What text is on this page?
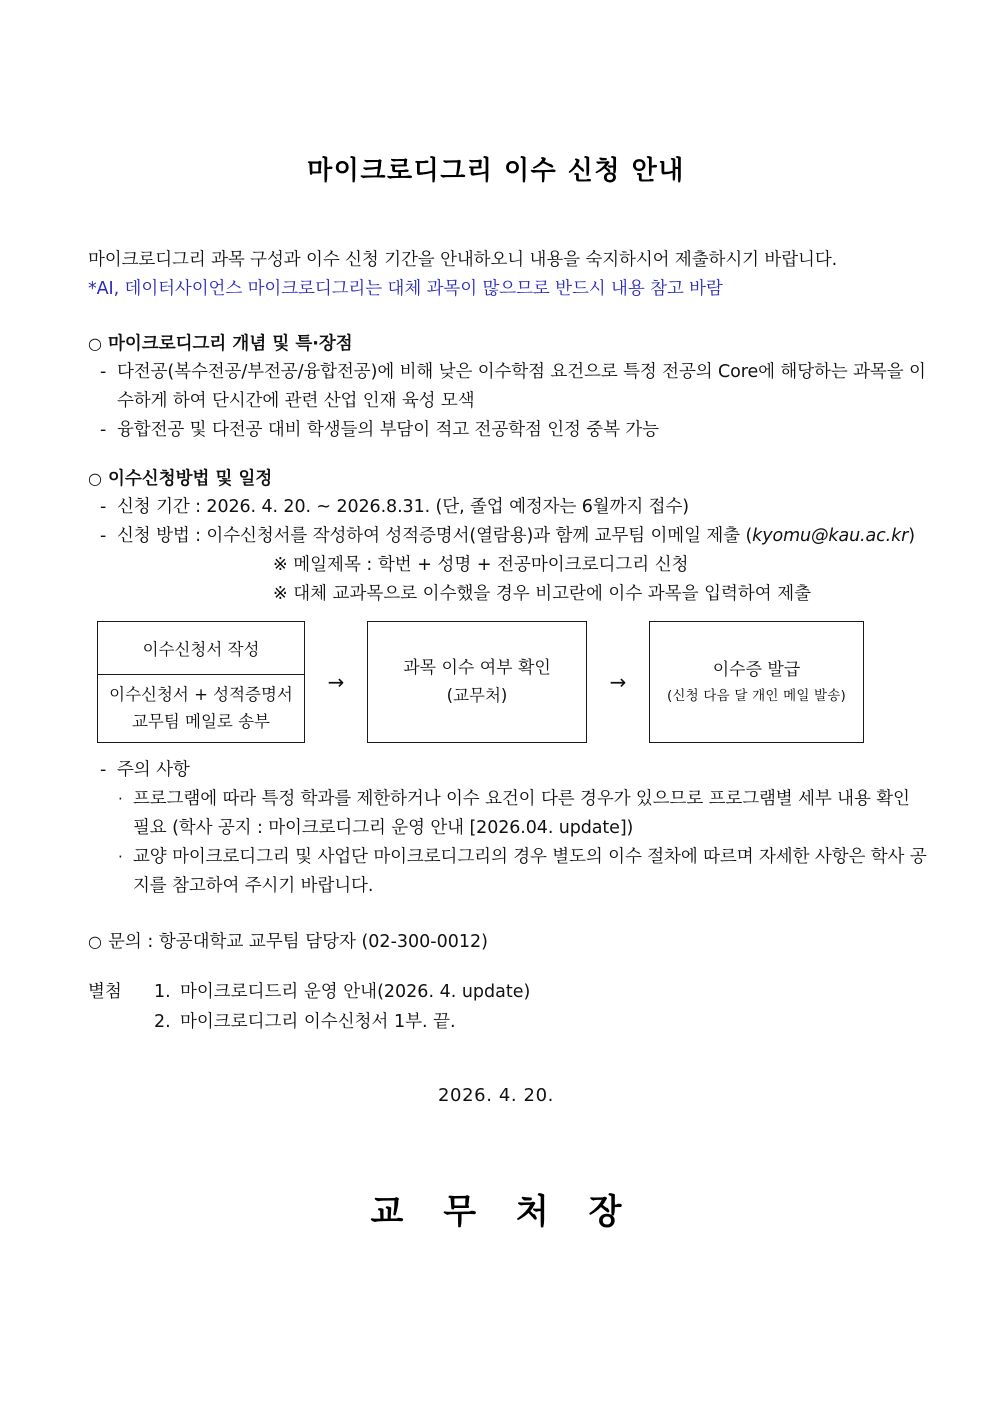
마이크로디그리 이수 신청 안내
마이크로디그리 과목 구성과 이수 신청 기간을 안내하오니 내용을 숙지하시어 제출하시기 바랍니다.
*AI, 데이터사이언스 마이크로디그리는 대체 과목이 많으므로 반드시 내용 참고 바람
○ 마이크로디그리 개념 및 특·장점
- 다전공(복수전공/부전공/융합전공)에 비해 낮은 이수학점 요건으로 특정 전공의 Core에 해당하는 과목을 이수하게 하여 단시간에 관련 산업 인재 육성 모색
- 융합전공 및 다전공 대비 학생들의 부담이 적고 전공학점 인정 중복 가능
○ 이수신청방법 및 일정
- 신청 기간 : 2026. 4. 20. ~ 2026.8.31. (단, 졸업 예정자는 6월까지 접수)
- 신청 방법 : 이수신청서를 작성하여 성적증명서(열람용)과 함께 교무팀 이메일 제출 (kyomu@kau.ac.kr)
※ 메일제목 : 학번 + 성명 + 전공마이크로디그리 신청
※ 대체 교과목으로 이수했을 경우 비고란에 이수 과목을 입력하여 제출
이수신청서 작성
이수신청서 + 성적증명서
교무팀 메일로 송부
→
과목 이수 여부 확인
(교무처)
→	이수증 발급
(신청 다음 달 개인 메일 발송)
- 주의 사항
· 프로그램에 따라 특정 학과를 제한하거나 이수 요건이 다른 경우가 있으므로 프로그램별 세부 내용 확인 필요 (학사 공지 : 마이크로디그리 운영 안내 [2026.04. update])
· 교양 마이크로디그리 및 사업단 마이크로디그리의 경우 별도의 이수 절차에 따르며 자세한 사항은 학사 공지를 참고하여 주시기 바랍니다.
○ 문의 : 항공대학교 교무팀 담당자 (02-300-0012)
별첨	1. 마이크로디드리 운영 안내(2026. 4. update)
2. 마이크로디그리 이수신청서 1부. 끝.
2026. 4. 20.
교 무 처 장
